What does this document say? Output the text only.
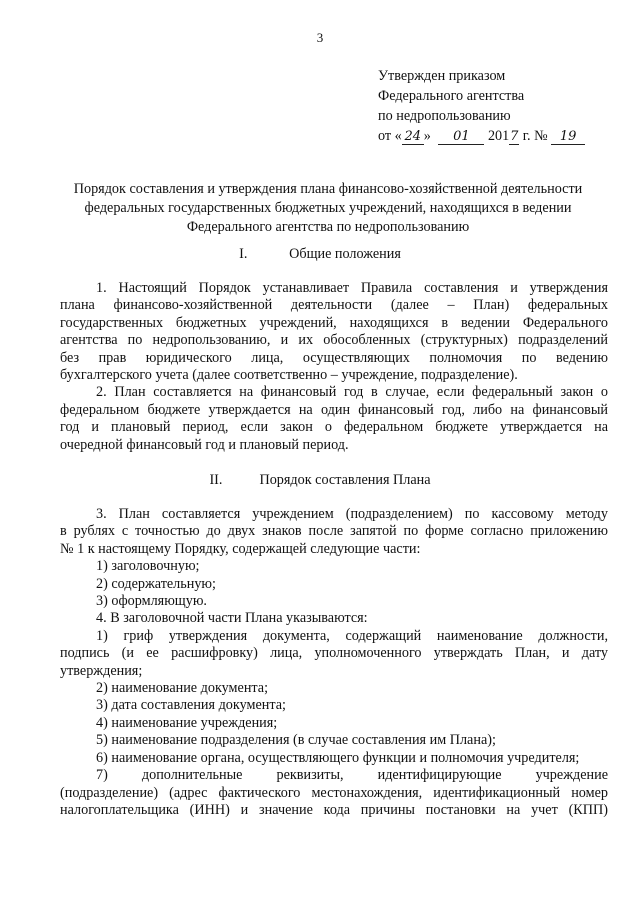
3
Утвержден приказом
Федерального агентства
по недропользованию
от « 24 » 01 2017 г. № 19
Порядок составления и утверждения плана финансово-хозяйственной деятельности
федеральных государственных бюджетных учреждений, находящихся в ведении
Федерального агентства по недропользованию
I.	Общие положения

1. Настоящий Порядок устанавливает Правила составления и утверждения

плана финансово-хозяйственной деятельности (далее – План) федеральных

государственных бюджетных учреждений, находящихся в ведении Федерального

агентства по недропользованию, и их обособленных (структурных) подразделений

без прав юридического лица, осуществляющих полномочия по ведению

бухгалтерского учета (далее соответственно – учреждение, подразделение).

2. План составляется на финансовый год в случае, если федеральный закон о

федеральном бюджете утверждается на один финансовый год, либо на финансовый

год и плановый период, если закон о федеральном бюджете утверждается на

очередной финансовый год и плановый период.

II.	Порядок составления Плана

3. План составляется учреждением (подразделением) по кассовому методу

в рублях с точностью до двух знаков после запятой по форме согласно приложению

№ 1 к настоящему Порядку, содержащей следующие части:

1) заголовочную;

2) содержательную;

3) оформляющую.

4. В заголовочной части Плана указываются:

1) гриф утверждения документа, содержащий наименование должности,

подпись (и ее расшифровку) лица, уполномоченного утверждать План, и дату

утверждения;

2) наименование документа;

3) дата составления документа;

4) наименование учреждения;

5) наименование подразделения (в случае составления им Плана);

6) наименование органа, осуществляющего функции и полномочия учредителя;

7) дополнительные реквизиты, идентифицирующие учреждение

(подразделение) (адрес фактического местонахождения, идентификационный номер

налогоплательщика (ИНН) и значение кода причины постановки на учет (КПП)
